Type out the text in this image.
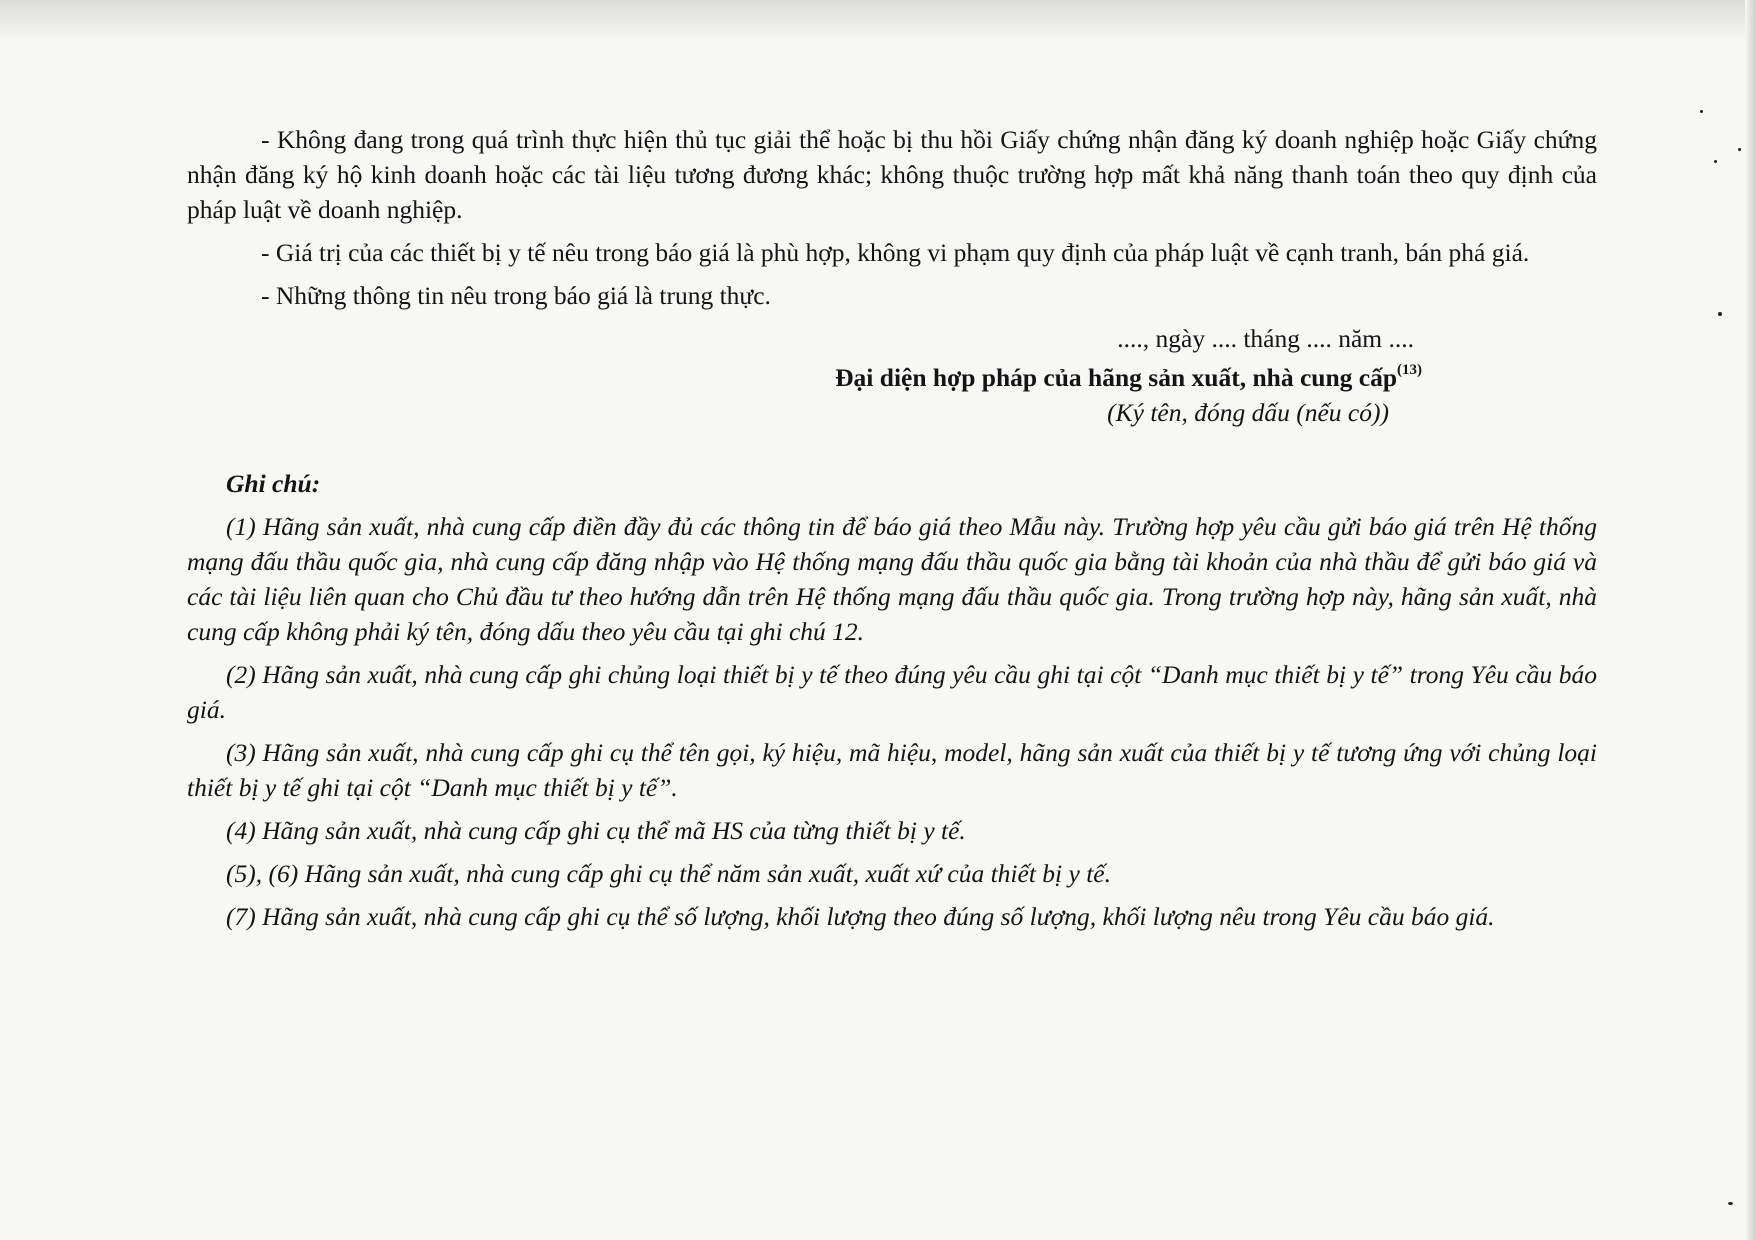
- Không đang trong quá trình thực hiện thủ tục giải thể hoặc bị thu hồi Giấy chứng nhận đăng ký doanh nghiệp hoặc Giấy chứng nhận đăng ký hộ kinh doanh hoặc các tài liệu tương đương khác; không thuộc trường hợp mất khả năng thanh toán theo quy định của pháp luật về doanh nghiệp.

- Giá trị của các thiết bị y tế nêu trong báo giá là phù hợp, không vi phạm quy định của pháp luật về cạnh tranh, bán phá giá.

- Những thông tin nêu trong báo giá là trung thực.

...., ngày .... tháng .... năm ....

Đại diện hợp pháp của hãng sản xuất, nhà cung cấp$^{(13)}$

(Ký tên, đóng dấu (nếu có))

Ghi chú:

(1) Hãng sản xuất, nhà cung cấp điền đầy đủ các thông tin để báo giá theo Mẫu này. Trường hợp yêu cầu gửi báo giá trên Hệ thống mạng đấu thầu quốc gia, nhà cung cấp đăng nhập vào Hệ thống mạng đấu thầu quốc gia bằng tài khoản của nhà thầu để gửi báo giá và các tài liệu liên quan cho Chủ đầu tư theo hướng dẫn trên Hệ thống mạng đấu thầu quốc gia. Trong trường hợp này, hãng sản xuất, nhà cung cấp không phải ký tên, đóng dấu theo yêu cầu tại ghi chú 12.

(2) Hãng sản xuất, nhà cung cấp ghi chủng loại thiết bị y tế theo đúng yêu cầu ghi tại cột “Danh mục thiết bị y tế” trong Yêu cầu báo giá.

(3) Hãng sản xuất, nhà cung cấp ghi cụ thể tên gọi, ký hiệu, mã hiệu, model, hãng sản xuất của thiết bị y tế tương ứng với chủng loại thiết bị y tế ghi tại cột “Danh mục thiết bị y tế”.

(4) Hãng sản xuất, nhà cung cấp ghi cụ thể mã HS của từng thiết bị y tế.

(5), (6) Hãng sản xuất, nhà cung cấp ghi cụ thể năm sản xuất, xuất xứ của thiết bị y tế.

(7) Hãng sản xuất, nhà cung cấp ghi cụ thể số lượng, khối lượng theo đúng số lượng, khối lượng nêu trong Yêu cầu báo giá.
